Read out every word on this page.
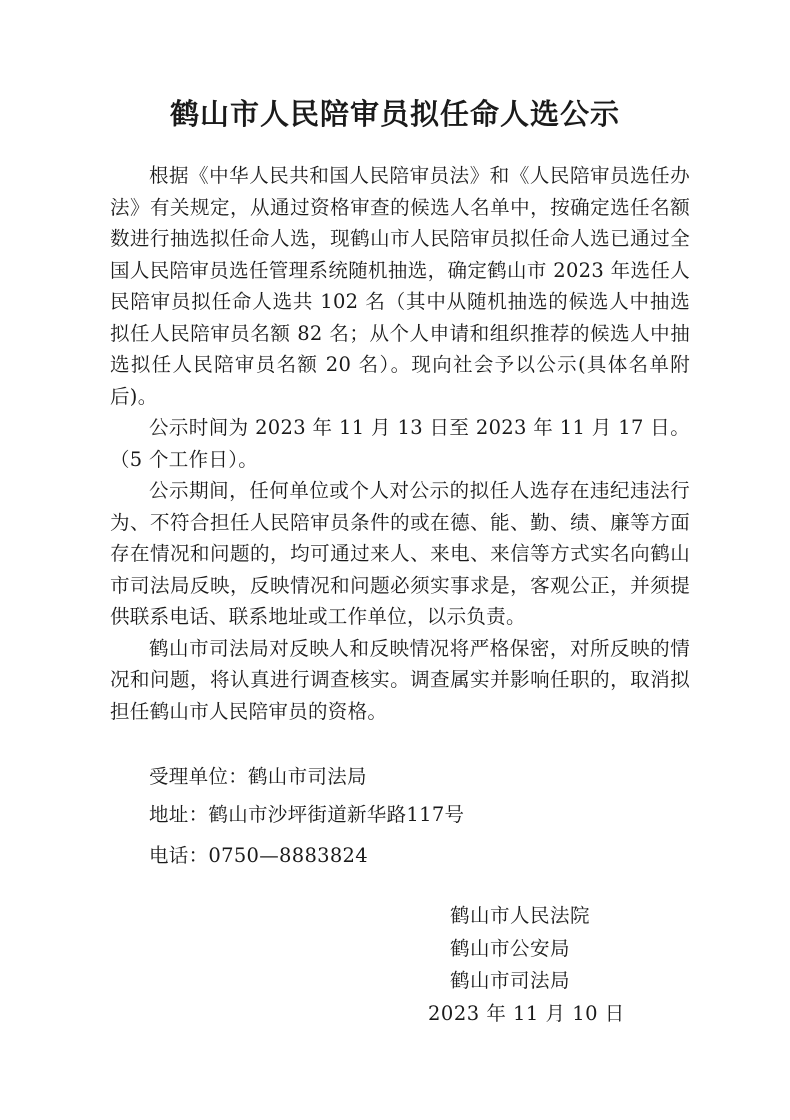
鹤山市人民陪审员拟任命人选公示

根据《中华人民共和国人民陪审员法》和《人民陪审员选任办法》有关规定，从通过资格审查的候选人名单中，按确定选任名额数进行抽选拟任命人选，现鹤山市人民陪审员拟任命人选已通过全国人民陪审员选任管理系统随机抽选，确定鹤山市 2023 年选任人民陪审员拟任命人选共 102 名（其中从随机抽选的候选人中抽选拟任人民陪审员名额 82 名；从个人申请和组织推荐的候选人中抽选拟任人民陪审员名额 20 名）。现向社会予以公示(具体名单附后)。

公示时间为 2023 年 11 月 13 日至 2023 年 11 月 17 日。（5 个工作日）。

公示期间，任何单位或个人对公示的拟任人选存在违纪违法行为、不符合担任人民陪审员条件的或在德、能、勤、绩、廉等方面存在情况和问题的，均可通过来人、来电、来信等方式实名向鹤山市司法局反映，反映情况和问题必须实事求是，客观公正，并须提供联系电话、联系地址或工作单位，以示负责。

鹤山市司法局对反映人和反映情况将严格保密，对所反映的情况和问题，将认真进行调查核实。调查属实并影响任职的，取消拟担任鹤山市人民陪审员的资格。

受理单位：鹤山市司法局
地址：鹤山市沙坪街道新华路117号
电话：0750—8883824
鹤山市人民法院
鹤山市公安局
鹤山市司法局
2023 年 11 月 10 日
